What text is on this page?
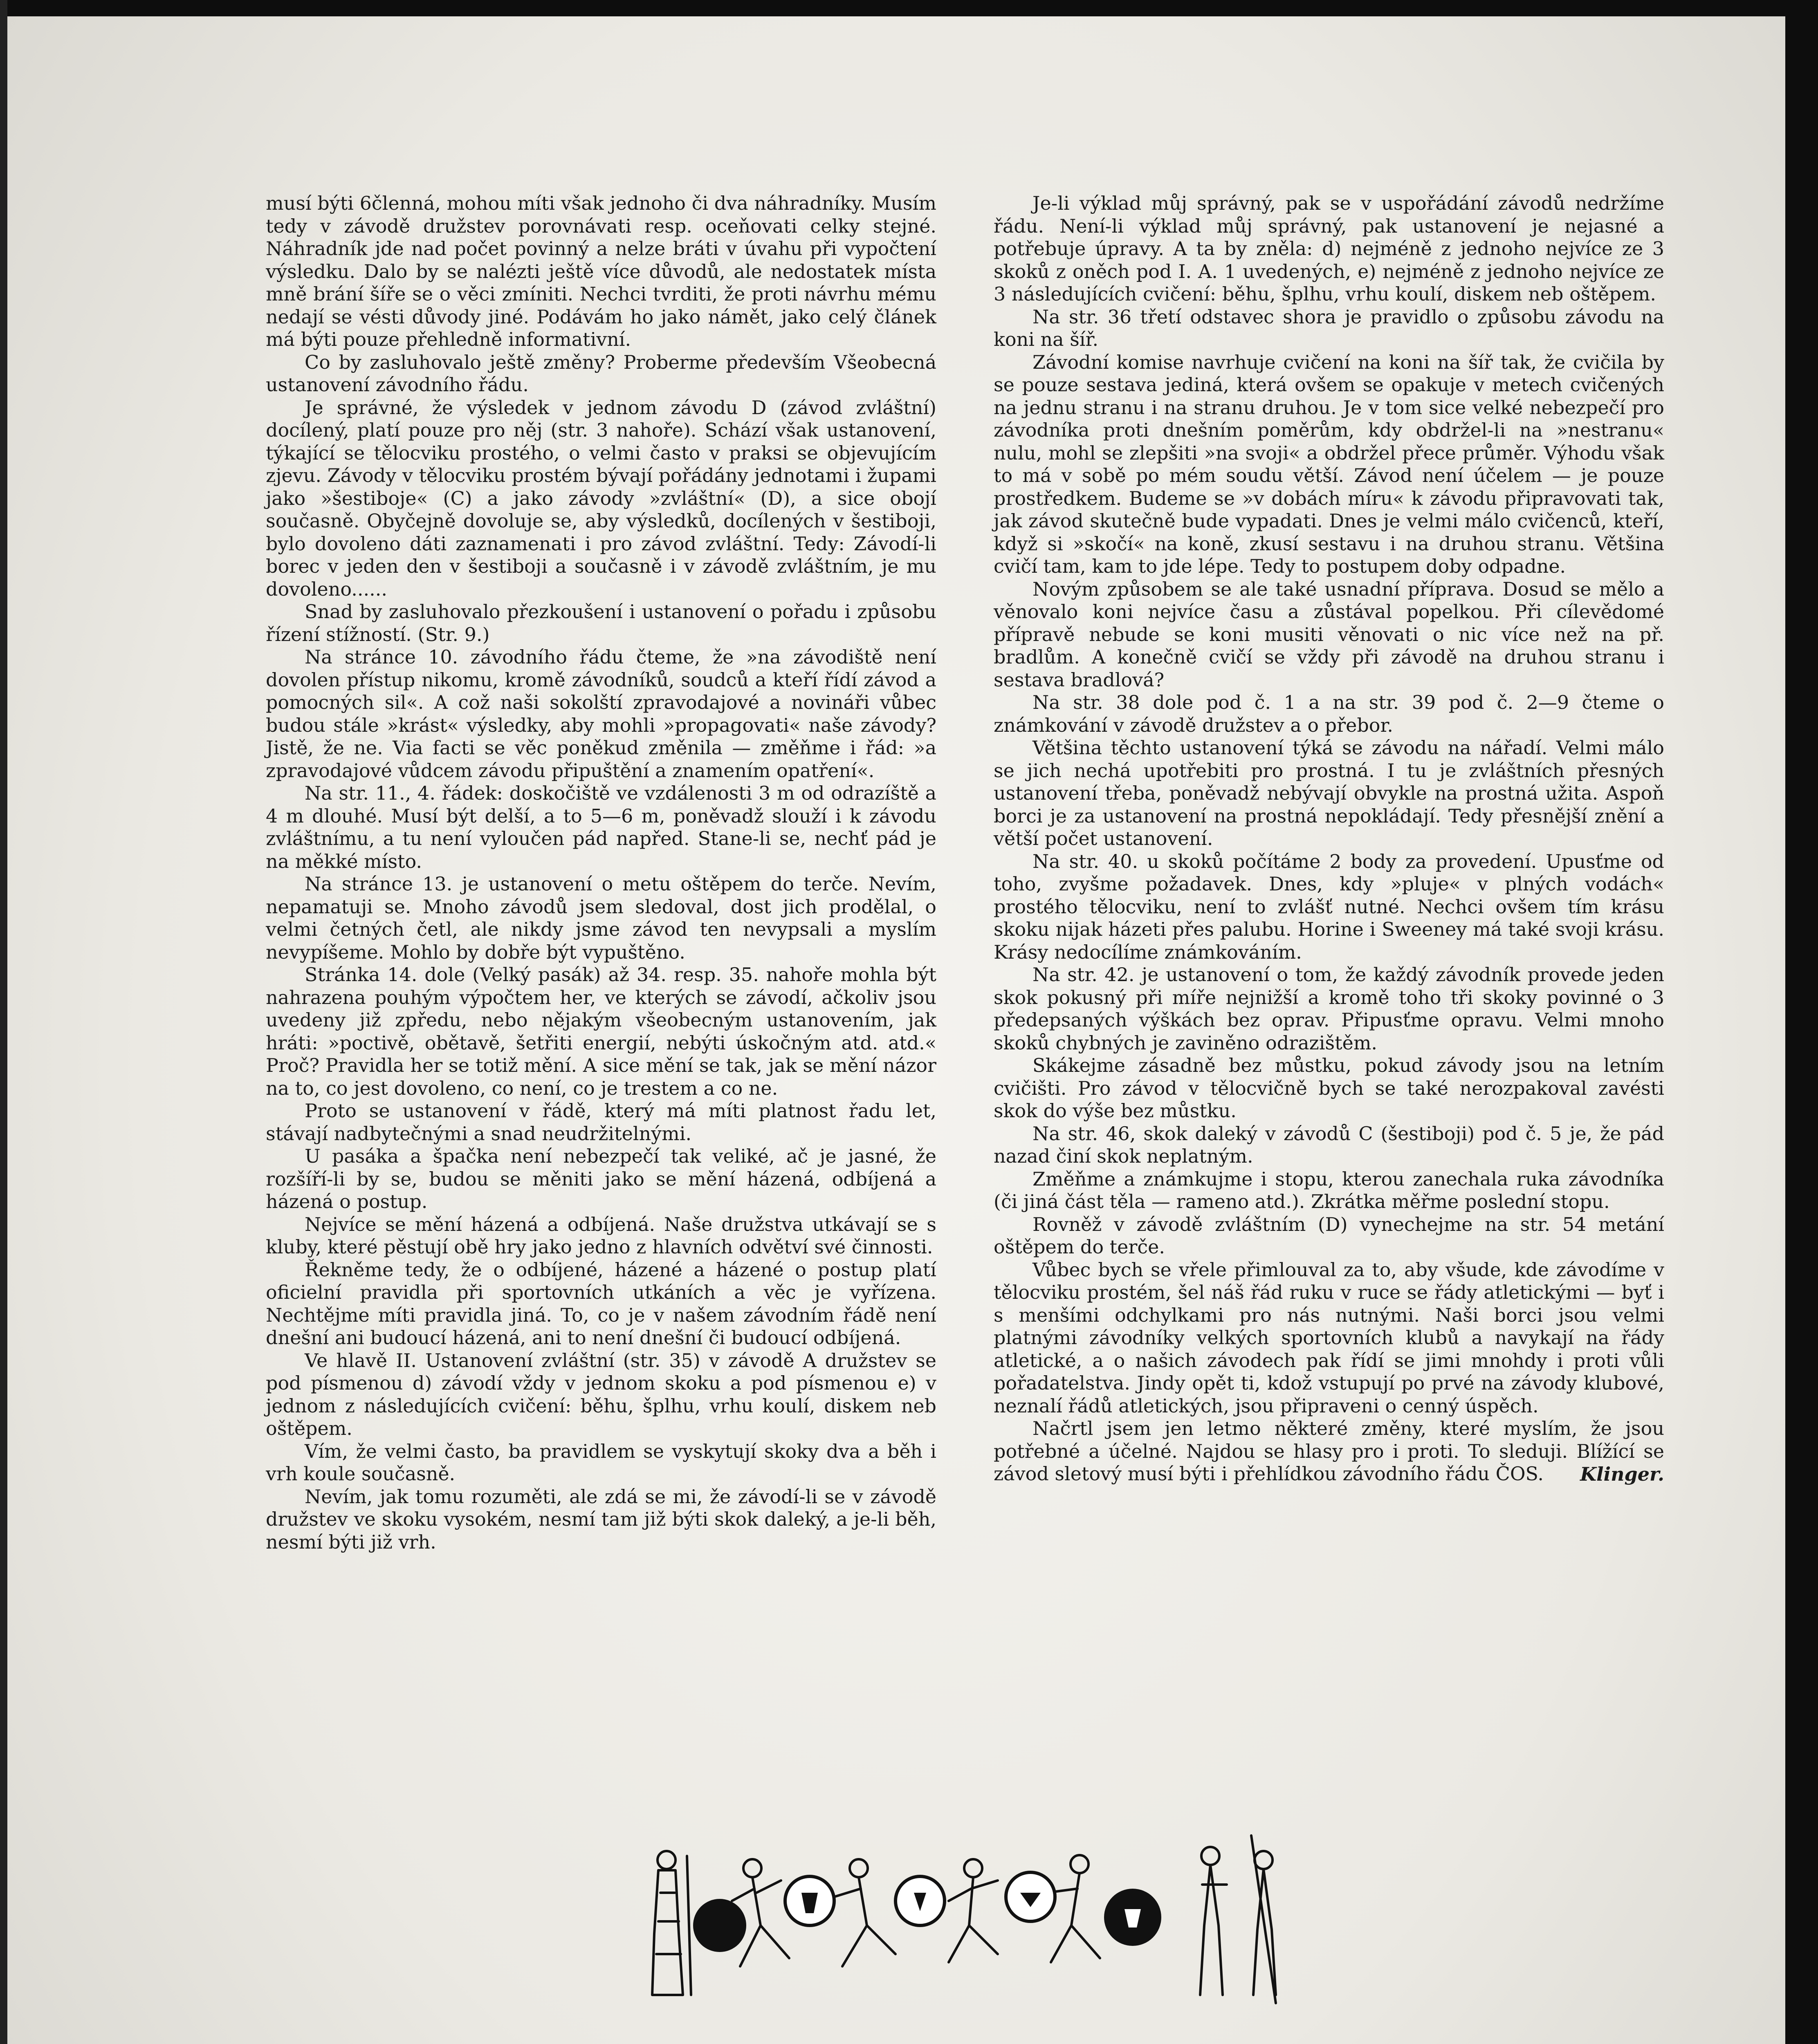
musí býti 6členná, mohou míti však jednoho či dva náhradníky. Musím tedy v závodě družstev porovnávati resp. oceňovati celky stejné. Náhradník jde nad počet povinný a nelze bráti v úvahu při vypočtení výsledku. Dalo by se nalézti ještě více důvodů, ale nedostatek místa mně brání šíře se o věci zmíniti. Nechci tvrditi, že proti návrhu mému nedají se vésti důvody jiné. Podávám ho jako námět, jako celý článek má býti pouze přehledně informativní.

Co by zasluhovalo ještě změny? Proberme především Všeobecná ustanovení závodního řádu.

Je správné, že výsledek v jednom závodu D (závod zvláštní) docílený, platí pouze pro něj (str. 3 nahoře). Schází však ustanovení, týkající se tělocviku prostého, o velmi často v praksi se objevujícím zjevu. Závody v tělocviku prostém bývají pořádány jednotami i župami jako »šestiboje« (C) a jako závody »zvláštní« (D), a sice obojí současně. Obyčejně dovoluje se, aby výsledků, docílených v šestiboji, bylo dovoleno dáti zaznamenati i pro závod zvláštní. Tedy: Závodí-li borec v jeden den v šestiboji a současně i v závodě zvláštním, je mu dovoleno......

Snad by zasluhovalo přezkoušení i ustanovení o pořadu i způsobu řízení stížností. (Str. 9.)

Na stránce 10. závodního řádu čteme, že »na závodiště není dovolen přístup nikomu, kromě závodníků, soudců a kteří řídí závod a pomocných sil«. A což naši sokolští zpravodajové a novináři vůbec budou stále »krást« výsledky, aby mohli »propagovati« naše závody? Jistě, že ne. Via facti se věc poněkud změnila — změňme i řád: »a zpravodajové vůdcem závodu připuštění a znamením opatření«.

Na str. 11., 4. řádek: doskočiště ve vzdálenosti 3 m od odrazíště a 4 m dlouhé. Musí být delší, a to 5—6 m, poněvadž slouží i k závodu zvláštnímu, a tu není vyloučen pád napřed. Stane-li se, nechť pád je na měkké místo.

Na stránce 13. je ustanovení o metu oštěpem do terče. Nevím, nepamatuji se. Mnoho závodů jsem sledoval, dost jich prodělal, o velmi četných četl, ale nikdy jsme závod ten nevypsali a myslím nevypíšeme. Mohlo by dobře být vypuštěno.

Stránka 14. dole (Velký pasák) až 34. resp. 35. nahoře mohla být nahrazena pouhým výpočtem her, ve kterých se závodí, ačkoliv jsou uvedeny již zpředu, nebo nějakým všeobecným ustanovením, jak hráti: »poctivě, obětavě, šetřiti energií, nebýti úskočným atd. atd.« Proč? Pravidla her se totiž mění. A sice mění se tak, jak se mění názor na to, co jest dovoleno, co není, co je trestem a co ne.

Proto se ustanovení v řádě, který má míti platnost řadu let, stávají nadbytečnými a snad neudržitelnými.

U pasáka a špačka není nebezpečí tak veliké, ač je jasné, že rozšíří-li by se, budou se měniti jako se mění házená, odbíjená a házená o postup.

Nejvíce se mění házená a odbíjená. Naše družstva utkávají se s kluby, které pěstují obě hry jako jedno z hlavních odvětví své činnosti.

Řekněme tedy, že o odbíjené, házené a házené o postup platí oficielní pravidla při sportovních utkáních a věc je vyřízena. Nechtějme míti pravidla jiná. To, co je v našem závodním řádě není dnešní ani budoucí házená, ani to není dnešní či budoucí odbíjená.

Ve hlavě II. Ustanovení zvláštní (str. 35) v závodě A družstev se pod písmenou d) závodí vždy v jednom skoku a pod písmenou e) v jednom z následujících cvičení: běhu, šplhu, vrhu koulí, diskem neb oštěpem.

Vím, že velmi často, ba pravidlem se vyskytují skoky dva a běh i vrh koule současně.

Nevím, jak tomu rozuměti, ale zdá se mi, že závodí-li se v závodě družstev ve skoku vysokém, nesmí tam již býti skok daleký, a je-li běh, nesmí býti již vrh.

Je-li výklad můj správný, pak se v uspořádání závodů nedržíme řádu. Není-li výklad můj správný, pak ustanovení je nejasné a potřebuje úpravy. A ta by zněla: d) nejméně z jednoho nejvíce ze 3 skoků z oněch pod I. A. 1 uvedených, e) nejméně z jednoho nejvíce ze 3 následujících cvičení: běhu, šplhu, vrhu koulí, diskem neb oštěpem.

Na str. 36 třetí odstavec shora je pravidlo o způsobu závodu na koni na šíř.

Závodní komise navrhuje cvičení na koni na šíř tak, že cvičila by se pouze sestava jediná, která ovšem se opakuje v metech cvičených na jednu stranu i na stranu druhou. Je v tom sice velké nebezpečí pro závodníka proti dnešním poměrům, kdy obdržel-li na »nestranu« nulu, mohl se zlepšiti »na svoji« a obdržel přece průměr. Výhodu však to má v sobě po mém soudu větší. Závod není účelem — je pouze prostředkem. Budeme se »v dobách míru« k závodu připravovati tak, jak závod skutečně bude vypadati. Dnes je velmi málo cvičenců, kteří, když si »skočí« na koně, zkusí sestavu i na druhou stranu. Většina cvičí tam, kam to jde lépe. Tedy to postupem doby odpadne.

Novým způsobem se ale také usnadní příprava. Dosud se mělo a věnovalo koni nejvíce času a zůstával popelkou. Při cílevědomé přípravě nebude se koni musiti věnovati o nic více než na př. bradlům. A konečně cvičí se vždy při závodě na druhou stranu i sestava bradlová?

Na str. 38 dole pod č. 1 a na str. 39 pod č. 2—9 čteme o známkování v závodě družstev a o přebor.

Většina těchto ustanovení týká se závodu na nářadí. Velmi málo se jich nechá upotřebiti pro prostná. I tu je zvláštních přesných ustanovení třeba, poněvadž nebývají obvykle na prostná užita. Aspoň borci je za ustanovení na prostná nepokládají. Tedy přesnější znění a větší počet ustanovení.

Na str. 40. u skoků počítáme 2 body za provedení. Upusťme od toho, zvyšme požadavek. Dnes, kdy »pluje« v plných vodách« prostého tělocviku, není to zvlášť nutné. Nechci ovšem tím krásu skoku nijak házeti přes palubu. Horine i Sweeney má také svoji krásu. Krásy nedocílíme známkováním.

Na str. 42. je ustanovení o tom, že každý závodník provede jeden skok pokusný při míře nejnižší a kromě toho tři skoky povinné o 3 předepsaných výškách bez oprav. Připusťme opravu. Velmi mnoho skoků chybných je zaviněno odrazištěm.

Skákejme zásadně bez můstku, pokud závody jsou na letním cvičišti. Pro závod v tělocvičně bych se také nerozpakoval zavésti skok do výše bez můstku.

Na str. 46, skok daleký v závodů C (šestiboji) pod č. 5 je, že pád nazad činí skok neplatným.

Změňme a známkujme i stopu, kterou zanechala ruka závodníka (či jiná část těla — rameno atd.). Zkrátka měřme poslední stopu.

Rovněž v závodě zvláštním (D) vynechejme na str. 54 metání oštěpem do terče.

Vůbec bych se vřele přimlouval za to, aby všude, kde závodíme v tělocviku prostém, šel náš řád ruku v ruce se řády atletickými — byť i s menšími odchylkami pro nás nutnými. Naši borci jsou velmi platnými závodníky velkých sportovních klubů a navykají na řády atletické, a o našich závodech pak řídí se jimi mnohdy i proti vůli pořadatelstva. Jindy opět ti, kdož vstupují po prvé na závody klubové, neznalí řádů atletických, jsou připraveni o cenný úspěch.

Načrtl jsem jen letmo některé změny, které myslím, že jsou potřebné a účelné. Najdou se hlasy pro i proti. To sleduji. Blížící se závod sletový musí býti i přehlídkou závodního řádu ČOS.	Klinger.
